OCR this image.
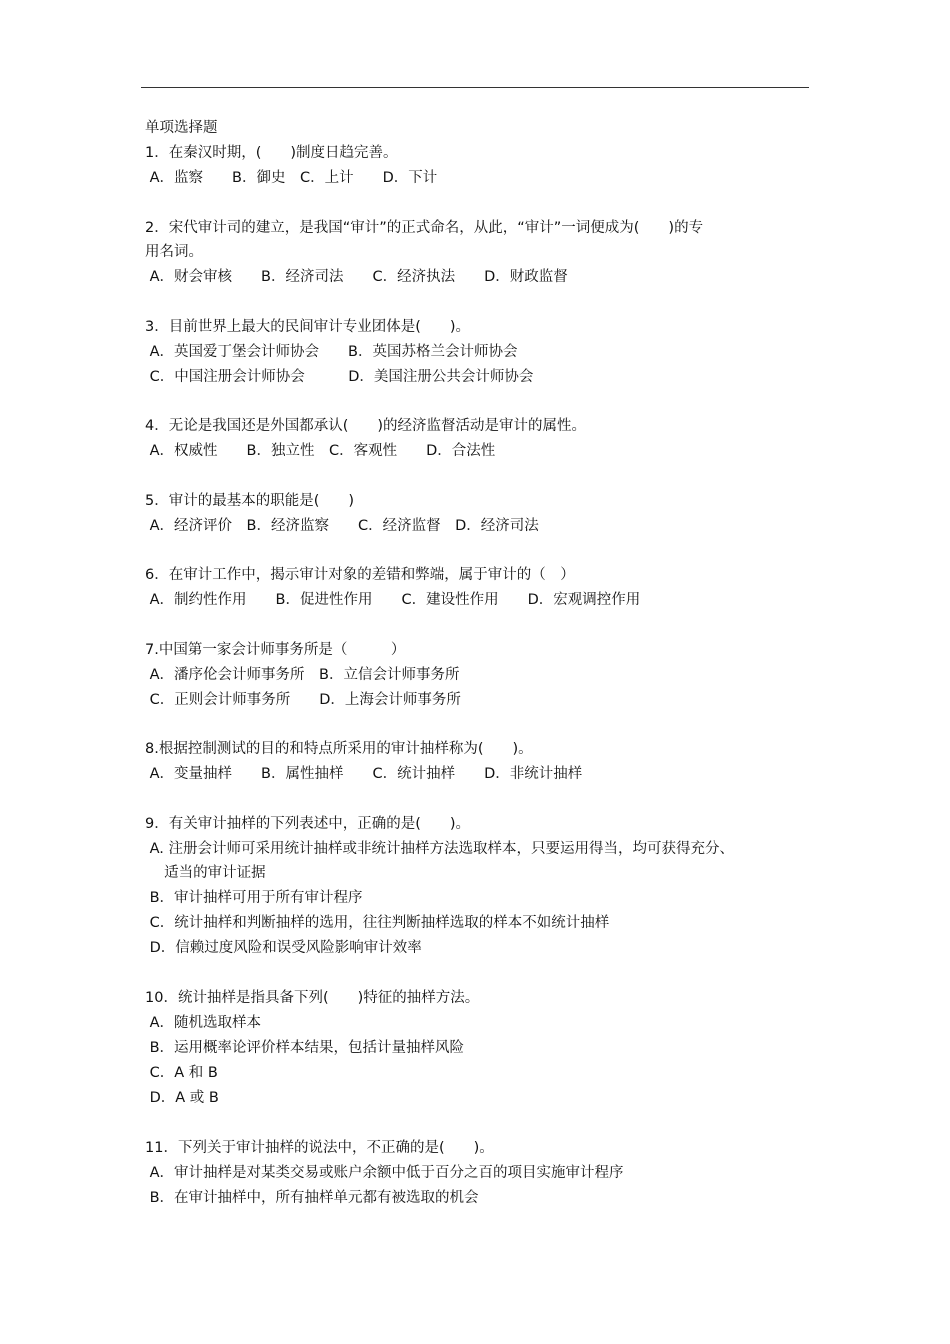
单项选择题
1．在秦汉时期，(　　)制度日趋完善。
A．监察　　B．御史　C．上计　　D．下计
2．宋代审计司的建立，是我国“审计”的正式命名，从此，“审计”一词便成为(　　)的专
用名词。
A．财会审核　　B．经济司法　　C．经济执法　　D．财政监督
3．目前世界上最大的民间审计专业团体是(　　)。
A．英国爱丁堡会计师协会　　B．英国苏格兰会计师协会
C．中国注册会计师协会　　　D．美国注册公共会计师协会
4．无论是我国还是外国都承认(　　)的经济监督活动是审计的属性。
A．权威性　　B．独立性　C．客观性　　D．合法性
5．审计的最基本的职能是(　　)
A．经济评价　B．经济监察　　C．经济监督　D．经济司法
6．在审计工作中，揭示审计对象的差错和弊端，属于审计的（　）
A．制约性作用　　B．促进性作用　　C．建设性作用　　D．宏观调控作用
7.中国第一家会计师事务所是（　　　）
A．潘序伦会计师事务所　B．立信会计师事务所
C．正则会计师事务所　　D．上海会计师事务所
8.根据控制测试的目的和特点所采用的审计抽样称为(　　)。
A．变量抽样　　B．属性抽样　　C．统计抽样　　D．非统计抽样
9．有关审计抽样的下列表述中，正确的是(　　)。
A. 注册会计师可采用统计抽样或非统计抽样方法选取样本，只要运用得当，均可获得充分、
　 适当的审计证据
B．审计抽样可用于所有审计程序
C．统计抽样和判断抽样的选用，往往判断抽样选取的样本不如统计抽样
D．信赖过度风险和误受风险影响审计效率
10．统计抽样是指具备下列(　　)特征的抽样方法。
A．随机选取样本
B．运用概率论评价样本结果，包括计量抽样风险
C．A 和 B
D．A 或 B
11．下列关于审计抽样的说法中，不正确的是(　　)。
A．审计抽样是对某类交易或账户余额中低于百分之百的项目实施审计程序
B．在审计抽样中，所有抽样单元都有被选取的机会
